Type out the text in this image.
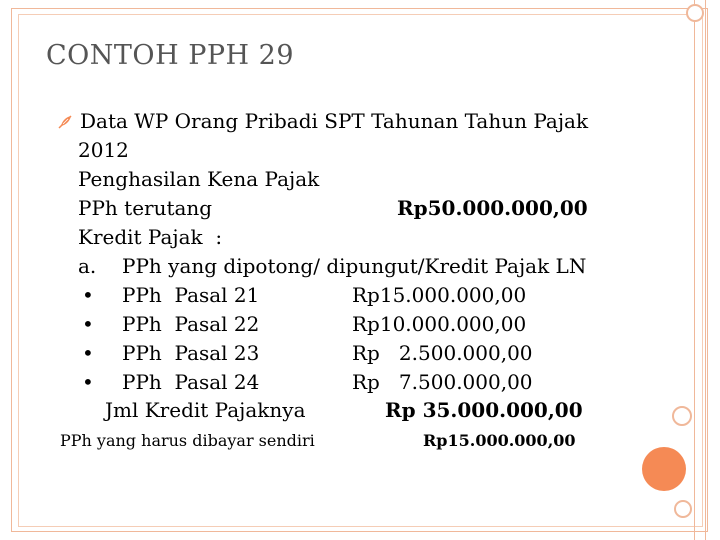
CONTOH PPH 29
Data WP Orang Pribadi SPT Tahunan Tahun Pajak
2012
Penghasilan Kena Pajak
PPh terutang	Rp50.000.000,00
Kredit Pajak  :
a. PPh yang dipotong/ dipungut/Kredit Pajak LN
• PPh  Pasal 21	Rp15.000.000,00
• PPh  Pasal 22	Rp10.000.000,00
• PPh  Pasal 23	Rp   2.500.000,00
• PPh  Pasal 24	Rp   7.500.000,00
Jml Kredit Pajaknya	Rp 35.000.000,00
PPh yang harus dibayar sendiri	Rp15.000.000,00
